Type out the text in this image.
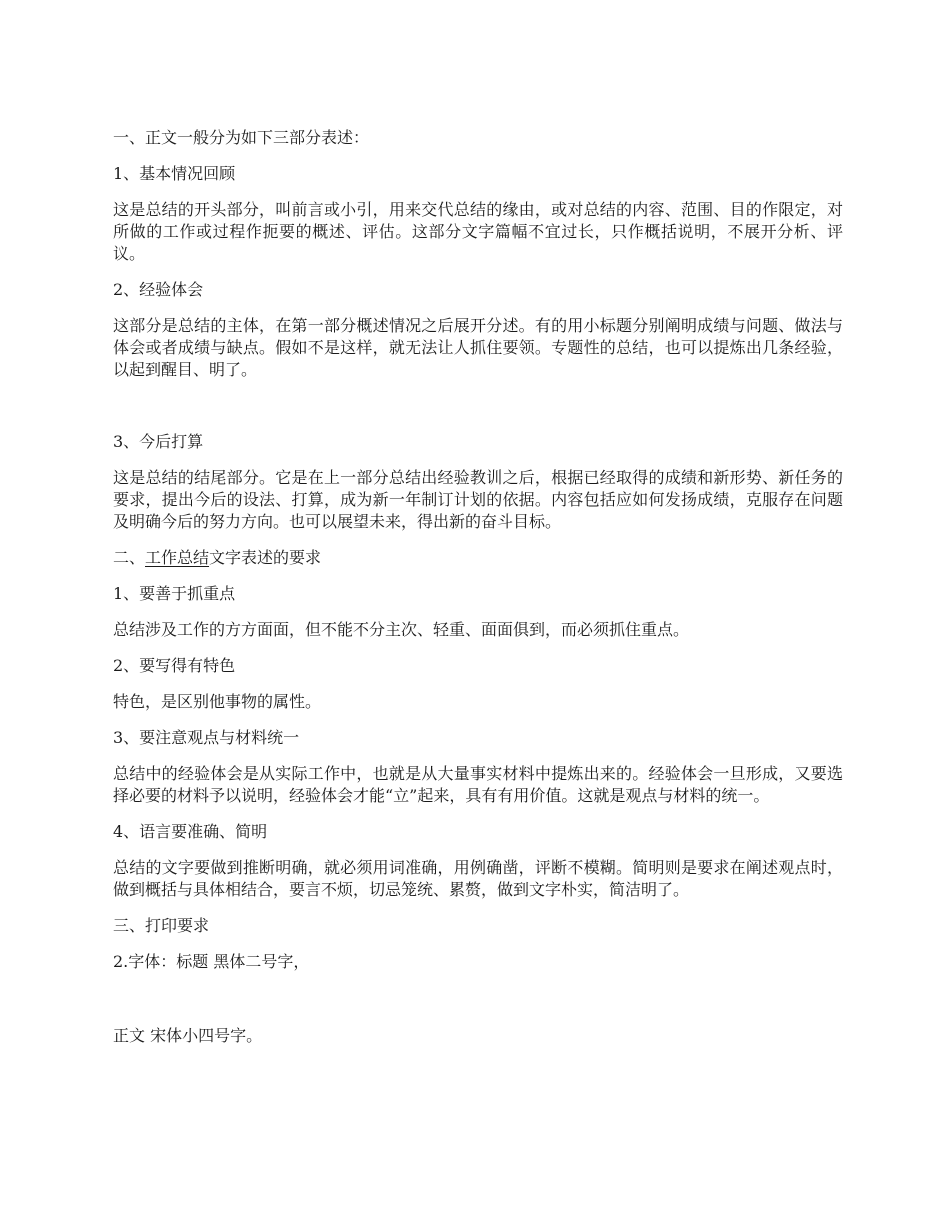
一、正文一般分为如下三部分表述：

1、基本情况回顾

这是总结的开头部分，叫前言或小引，用来交代总结的缘由，或对总结的内容、范围、目的作限定，对所做的工作或过程作扼要的概述、评估。这部分文字篇幅不宜过长，只作概括说明，不展开分析、评议。

2、经验体会

这部分是总结的主体，在第一部分概述情况之后展开分述。有的用小标题分别阐明成绩与问题、做法与体会或者成绩与缺点。假如不是这样，就无法让人抓住要领。专题性的总结，也可以提炼出几条经验，以起到醒目、明了。

3、今后打算

这是总结的结尾部分。它是在上一部分总结出经验教训之后，根据已经取得的成绩和新形势、新任务的要求，提出今后的设法、打算，成为新一年制订计划的依据。内容包括应如何发扬成绩，克服存在问题及明确今后的努力方向。也可以展望未来，得出新的奋斗目标。

二、工作总结文字表述的要求

1、要善于抓重点

总结涉及工作的方方面面，但不能不分主次、轻重、面面俱到，而必须抓住重点。

2、要写得有特色

特色，是区别他事物的属性。

3、要注意观点与材料统一

总结中的经验体会是从实际工作中，也就是从大量事实材料中提炼出来的。经验体会一旦形成，又要选择必要的材料予以说明，经验体会才能“立”起来，具有有用价值。这就是观点与材料的统一。

4、语言要准确、简明

总结的文字要做到推断明确，就必须用词准确，用例确凿，评断不模糊。简明则是要求在阐述观点时，做到概括与具体相结合，要言不烦，切忌笼统、累赘，做到文字朴实，简洁明了。

三、打印要求

2.字体：标题 黑体二号字，

正文 宋体小四号字。
